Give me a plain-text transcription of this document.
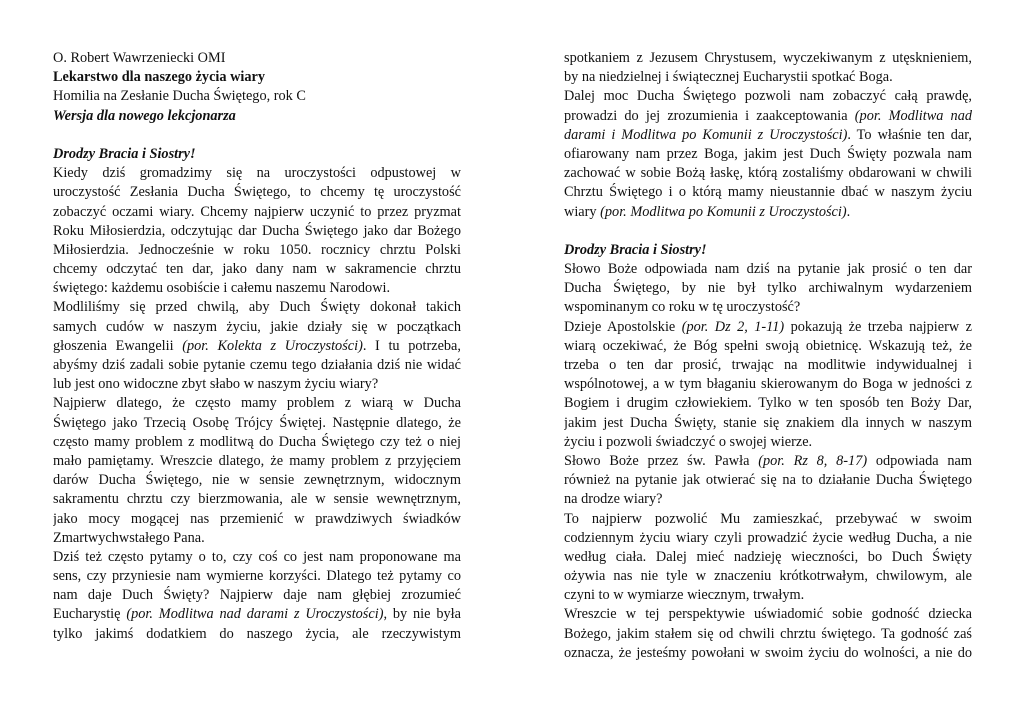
O. Robert Wawrzeniecki OMI
Lekarstwo dla naszego życia wiary
Homilia na Zesłanie Ducha Świętego, rok C
Wersja dla nowego lekcjonarza

Drodzy Bracia i Siostry!
Kiedy dziś gromadzimy się na uroczystości odpustowej w
uroczystość Zesłania Ducha Świętego, to chcemy tę uroczystość
zobaczyć oczami wiary. Chcemy najpierw uczynić to przez pryzmat
Roku Miłosierdzia, odczytując dar Ducha Świętego jako dar Bożego
Miłosierdzia. Jednocześnie w roku 1050. rocznicy chrztu Polski
chcemy odczytać ten dar, jako dany nam w sakramencie chrztu
świętego: każdemu osobiście i całemu naszemu Narodowi.
Modliliśmy się przed chwilą, aby Duch Święty dokonał takich
samych cudów w naszym życiu, jakie działy się w początkach
głoszenia Ewangelii (por. Kolekta z Uroczystości). I tu potrzeba,
abyśmy dziś zadali sobie pytanie czemu tego działania dziś nie widać
lub jest ono widoczne zbyt słabo w naszym życiu wiary?
Najpierw dlatego, że często mamy problem z wiarą w Ducha
Świętego jako Trzecią Osobę Trójcy Świętej. Następnie dlatego, że
często mamy problem z modlitwą do Ducha Świętego czy też o niej
mało pamiętamy. Wreszcie dlatego, że mamy problem z przyjęciem
darów Ducha Świętego, nie w sensie zewnętrznym, widocznym
sakramentu chrztu czy bierzmowania, ale w sensie wewnętrznym,
jako mocy mogącej nas przemienić w prawdziwych świadków
Zmartwychwstałego Pana.
Dziś też często pytamy o to, czy coś co jest nam proponowane ma
sens, czy przyniesie nam wymierne korzyści. Dlatego też pytamy co
nam daje Duch Święty? Najpierw daje nam głębiej zrozumieć
Eucharystię (por. Modlitwa nad darami z Uroczystości), by nie była
tylko jakimś dodatkiem do naszego życia, ale rzeczywistym
spotkaniem z Jezusem Chrystusem, wyczekiwanym z utęsknieniem,
by na niedzielnej i świątecznej Eucharystii spotkać Boga.
Dalej moc Ducha Świętego pozwoli nam zobaczyć całą prawdę,
prowadzi do jej zrozumienia i zaakceptowania (por. Modlitwa nad
darami i Modlitwa po Komunii z Uroczystości). To właśnie ten dar,
ofiarowany nam przez Boga, jakim jest Duch Święty pozwala nam
zachować w sobie Bożą łaskę, którą zostaliśmy obdarowani w chwili
Chrztu Świętego i o którą mamy nieustannie dbać w naszym życiu
wiary (por. Modlitwa po Komunii z Uroczystości).

Drodzy Bracia i Siostry!
Słowo Boże odpowiada nam dziś na pytanie jak prosić o ten dar
Ducha Świętego, by nie był tylko archiwalnym wydarzeniem
wspominanym co roku w tę uroczystość?
Dzieje Apostolskie (por. Dz 2, 1-11) pokazują że trzeba najpierw z
wiarą oczekiwać, że Bóg spełni swoją obietnicę. Wskazują też, że
trzeba o ten dar prosić, trwając na modlitwie indywidualnej i
wspólnotowej, a w tym błaganiu skierowanym do Boga w jedności z
Bogiem i drugim człowiekiem. Tylko w ten sposób ten Boży Dar,
jakim jest Ducha Święty, stanie się znakiem dla innych w naszym
życiu i pozwoli świadczyć o swojej wierze.
Słowo Boże przez św. Pawła (por. Rz 8, 8-17) odpowiada nam
również na pytanie jak otwierać się na to działanie Ducha Świętego
na drodze wiary?
To najpierw pozwolić Mu zamieszkać, przebywać w swoim
codziennym życiu wiary czyli prowadzić życie według Ducha, a nie
według ciała. Dalej mieć nadzieję wieczności, bo Duch Święty
ożywia nas nie tyle w znaczeniu krótkotrwałym, chwilowym, ale
czyni to w wymiarze wiecznym, trwałym.
Wreszcie w tej perspektywie uświadomić sobie godność dziecka
Bożego, jakim stałem się od chwili chrztu świętego. Ta godność zaś
oznacza, że jesteśmy powołani w swoim życiu do wolności, a nie do
